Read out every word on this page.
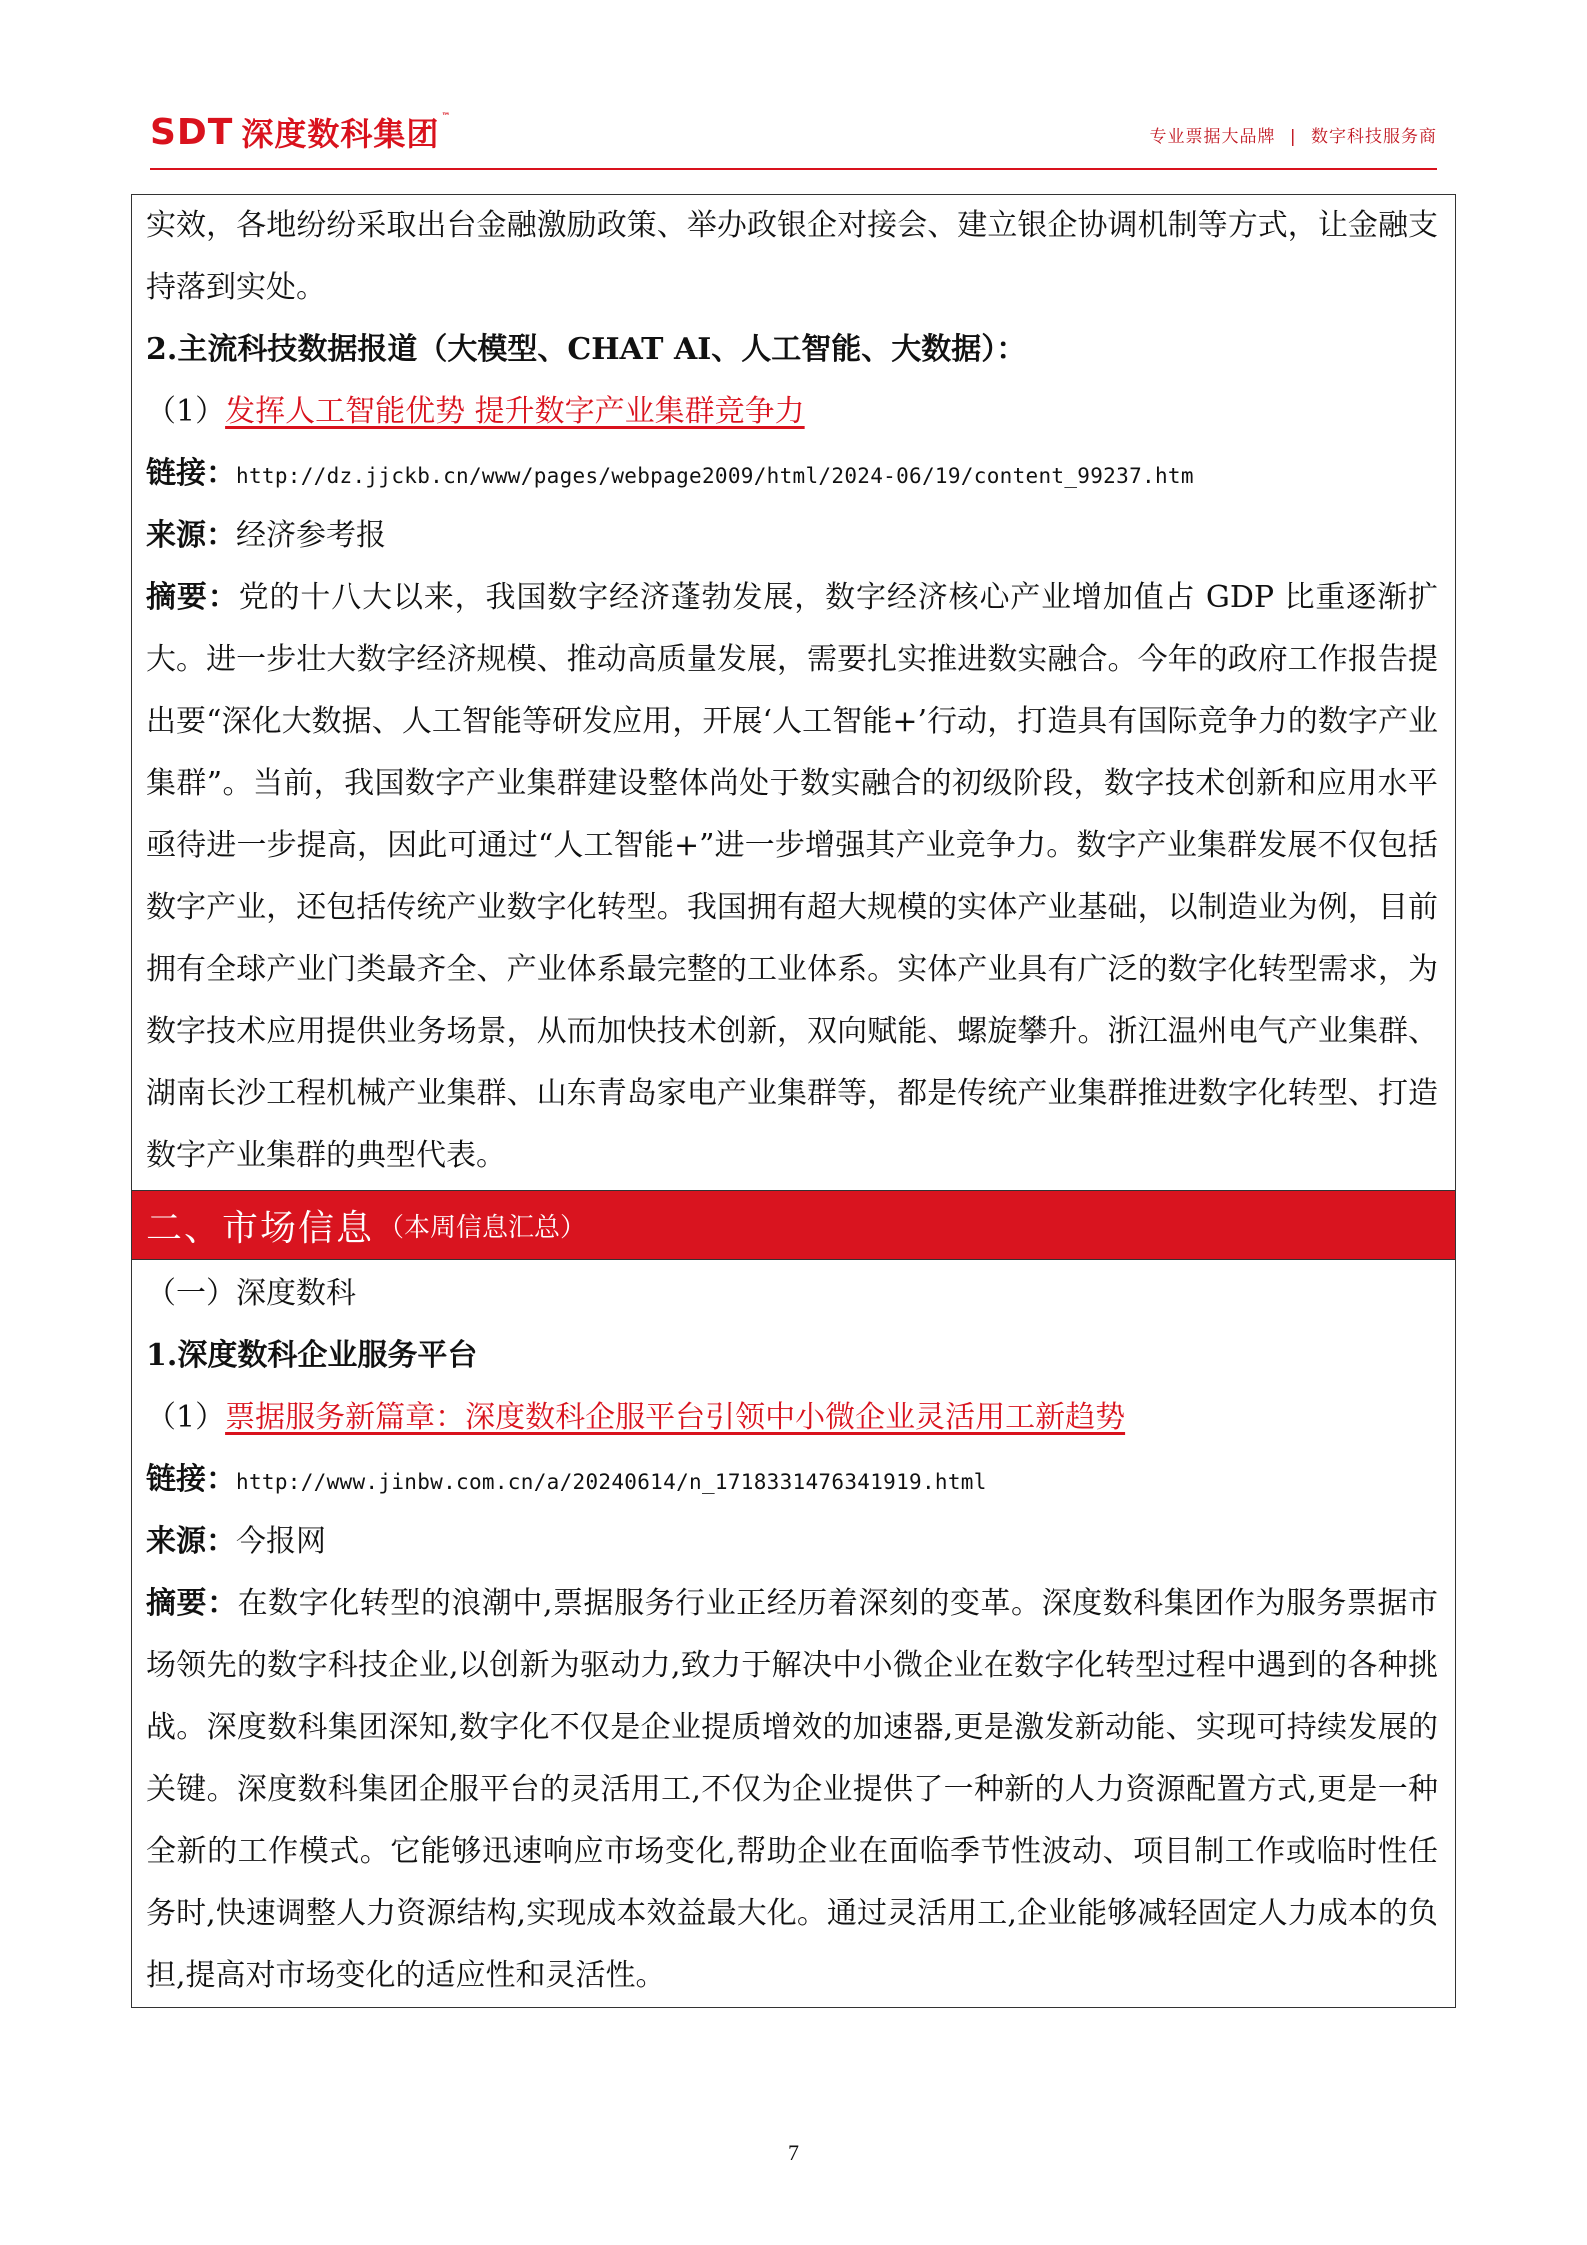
SDT 深度数科集团 ™
专业票据大品牌 | 数字科技服务商

实效，各地纷纷采取出台金融激励政策、举办政银企对接会、建立银企协调机制等方式，让金融支持落到实处。

2.主流科技数据报道（大模型、CHAT AI、人工智能、大数据）：

（1）发挥人工智能优势 提升数字产业集群竞争力

链接：http://dz.jjckb.cn/www/pages/webpage2009/html/2024-06/19/content_99237.htm

来源：经济参考报

摘要：党的十八大以来，我国数字经济蓬勃发展，数字经济核心产业增加值占 GDP 比重逐渐扩大。进一步壮大数字经济规模、推动高质量发展，需要扎实推进数实融合。今年的政府工作报告提出要“深化大数据、人工智能等研发应用，开展‘人工智能+’行动，打造具有国际竞争力的数字产业集群”。当前，我国数字产业集群建设整体尚处于数实融合的初级阶段，数字技术创新和应用水平亟待进一步提高，因此可通过“人工智能+”进一步增强其产业竞争力。数字产业集群发展不仅包括数字产业，还包括传统产业数字化转型。我国拥有超大规模的实体产业基础，以制造业为例，目前拥有全球产业门类最齐全、产业体系最完整的工业体系。实体产业具有广泛的数字化转型需求，为数字技术应用提供业务场景，从而加快技术创新，双向赋能、螺旋攀升。浙江温州电气产业集群、湖南长沙工程机械产业集群、山东青岛家电产业集群等，都是传统产业集群推进数字化转型、打造数字产业集群的典型代表。

二、市场信息 （本周信息汇总）

（一）深度数科

1.深度数科企业服务平台

（1）票据服务新篇章：深度数科企服平台引领中小微企业灵活用工新趋势

链接：http://www.jinbw.com.cn/a/20240614/n_1718331476341919.html

来源：今报网

摘要：在数字化转型的浪潮中,票据服务行业正经历着深刻的变革。深度数科集团作为服务票据市场领先的数字科技企业,以创新为驱动力,致力于解决中小微企业在数字化转型过程中遇到的各种挑战。深度数科集团深知,数字化不仅是企业提质增效的加速器,更是激发新动能、实现可持续发展的关键。深度数科集团企服平台的灵活用工,不仅为企业提供了一种新的人力资源配置方式,更是一种全新的工作模式。它能够迅速响应市场变化,帮助企业在面临季节性波动、项目制工作或临时性任务时,快速调整人力资源结构,实现成本效益最大化。通过灵活用工,企业能够减轻固定人力成本的负担,提高对市场变化的适应性和灵活性。

7
